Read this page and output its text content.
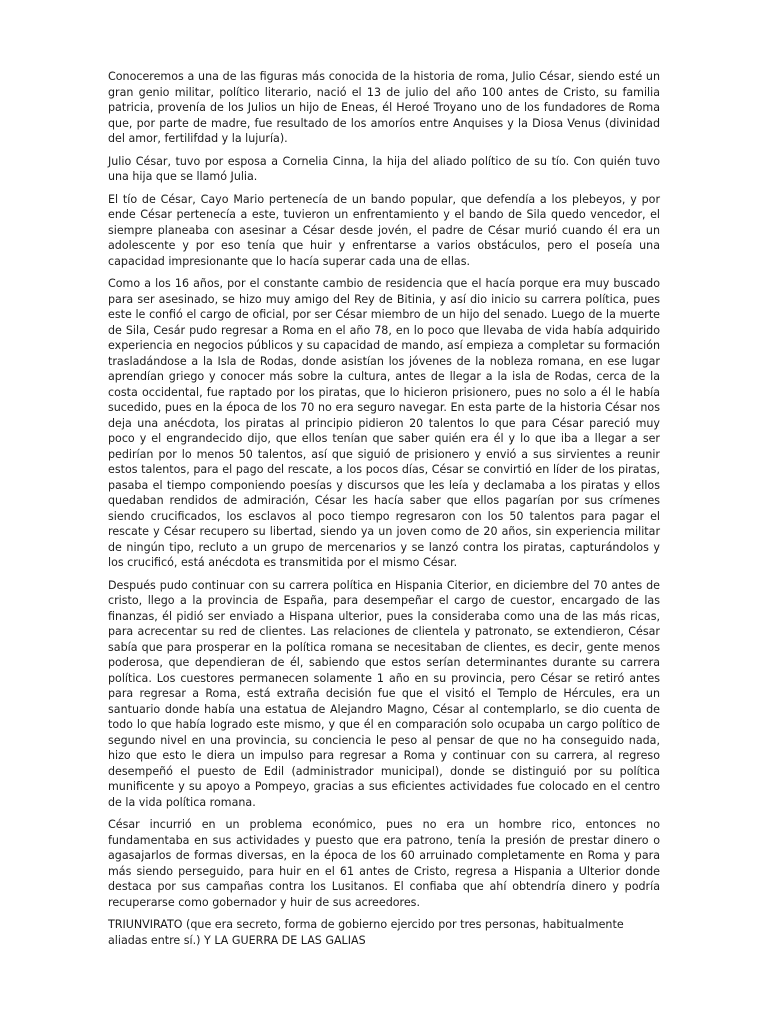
Conoceremos a una de las figuras más conocida de la historia de roma, Julio César, siendo esté un gran genio militar, político literario, nació el 13 de julio del año 100 antes de Cristo, su familia patricia, provenía de los Julios un hijo de Eneas, él Heroé Troyano uno de los fundadores de Roma que, por parte de madre, fue resultado de los amoríos entre Anquises y la Diosa Venus (divinidad del amor, fertilifdad y la lujuría).

Julio César, tuvo por esposa a Cornelia Cinna, la hija del aliado político de su tío. Con quién tuvo una hija que se llamó Julia.

El tío de César, Cayo Mario pertenecía de un bando popular, que defendía a los plebeyos, y por ende César pertenecía a este, tuvieron un enfrentamiento y el bando de Sila quedo vencedor, el siempre planeaba con asesinar a César desde jovén, el padre de César murió cuando él era un adolescente y por eso tenía que huir y enfrentarse a varios obstáculos, pero el poseía una capacidad impresionante que lo hacía superar cada una de ellas.

Como a los 16 años, por el constante cambio de residencia que el hacía porque era muy buscado para ser asesinado, se hizo muy amigo del Rey de Bitinia, y así dio inicio su carrera política, pues este le confió el cargo de oficial, por ser César miembro de un hijo del senado. Luego de la muerte de Sila, Cesár pudo regresar a Roma en el año 78, en lo poco que llevaba de vida había adquirido experiencia en negocios públicos y su capacidad de mando, así empieza a completar su formación trasladándose a la Isla de Rodas, donde asistían los jóvenes de la nobleza romana, en ese lugar aprendían griego y conocer más sobre la cultura, antes de llegar a la isla de Rodas, cerca de la costa occidental, fue raptado por los piratas, que lo hicieron prisionero, pues no solo a él le había sucedido, pues en la época de los 70 no era seguro navegar. En esta parte de la historia César nos deja una anécdota, los piratas al principio pidieron 20 talentos lo que para César pareció muy poco y el engrandecido dijo, que ellos tenían que saber quién era él y lo que iba a llegar a ser pedirían por lo menos 50 talentos, así que siguió de prisionero y envió a sus sirvientes a reunir estos talentos, para el pago del rescate, a los pocos días, César se convirtió en líder de los piratas, pasaba el tiempo componiendo poesías y discursos que les leía y declamaba a los piratas y ellos quedaban rendidos de admiración, César les hacía saber que ellos pagarían por sus crímenes siendo crucificados, los esclavos al poco tiempo regresaron con los 50 talentos para pagar el rescate y César recupero su libertad, siendo ya un joven como de 20 años, sin experiencia militar de ningún tipo, recluto a un grupo de mercenarios y se lanzó contra los piratas, capturándolos y los crucificó, está anécdota es transmitida por el mismo César.

Después pudo continuar con su carrera política en Hispania Citerior, en diciembre del 70 antes de cristo, llego a la provincia de España, para desempeñar el cargo de cuestor, encargado de las finanzas, él pidió ser enviado a Hispana ulterior, pues la consideraba como una de las más ricas, para acrecentar su red de clientes. Las relaciones de clientela y patronato, se extendieron, César sabía que para prosperar en la política romana se necesitaban de clientes, es decir, gente menos poderosa, que dependieran de él, sabiendo que estos serían determinantes durante su carrera política. Los cuestores permanecen solamente 1 año en su provincia, pero César se retiró antes para regresar a Roma, está extraña decisión fue que el visitó el Templo de Hércules, era un santuario donde había una estatua de Alejandro Magno, César al contemplarlo, se dio cuenta de todo lo que había logrado este mismo, y que él en comparación solo ocupaba un cargo político de segundo nivel en una provincia, su conciencia le peso al pensar de que no ha conseguido nada, hizo que esto le diera un impulso para regresar a Roma y continuar con su carrera, al regreso desempeñó el puesto de Edil (administrador municipal), donde se distinguió por su política munificente y su apoyo a Pompeyo, gracias a sus eficientes actividades fue colocado en el centro de la vida política romana.

César incurrió en un problema económico, pues no era un hombre rico, entonces no fundamentaba en sus actividades y puesto que era patrono, tenía la presión de prestar dinero o agasajarlos de formas diversas, en la época de los 60 arruinado completamente en Roma y para más siendo perseguido, para huir en el 61 antes de Cristo, regresa a Hispania a Ulterior donde destaca por sus campañas contra los Lusitanos. El confiaba que ahí obtendría dinero y podría recuperarse como gobernador y huir de sus acreedores.

TRIUNVIRATO (que era secreto, forma de gobierno ejercido por tres personas, habitualmente aliadas entre sí.) Y LA GUERRA DE LAS GALIAS
